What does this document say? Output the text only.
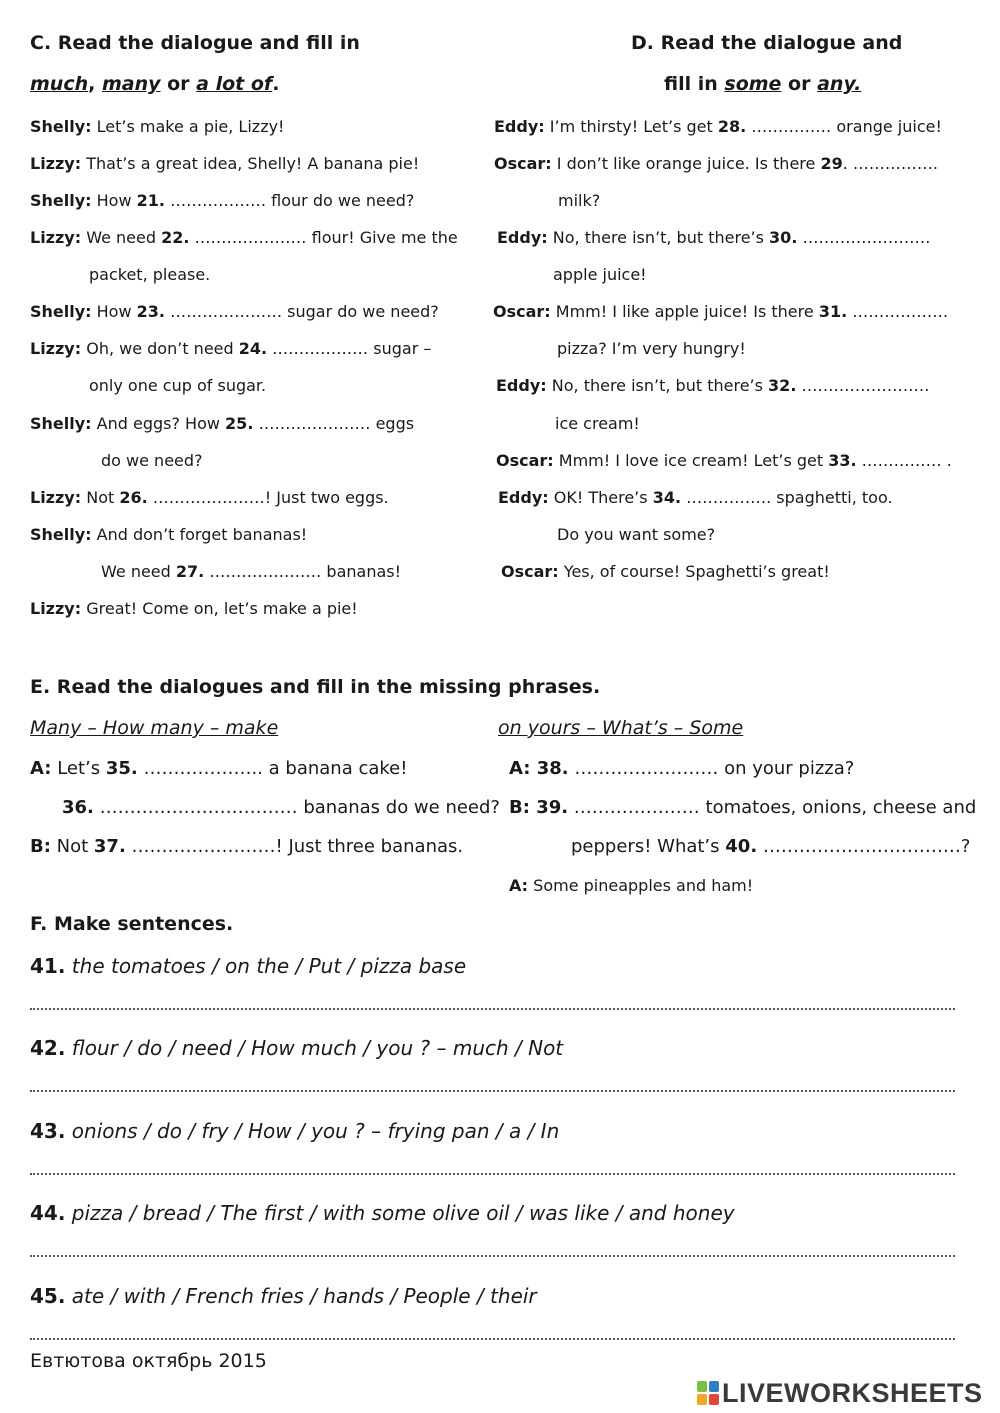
C. Read the dialogue and fill in
much, many or a lot of.
Shelly: Let’s make a pie, Lizzy!
Lizzy: That’s a great idea, Shelly! A banana pie!
Shelly: How 21. ……………… flour do we need?
Lizzy: We need 22. ………………… flour! Give me the
packet, please.
Shelly: How 23. ………………… sugar do we need?
Lizzy: Oh, we don’t need 24. ……………… sugar –
only one cup of sugar.
Shelly: And eggs? How 25. ………………… eggs
do we need?
Lizzy: Not 26. …………………! Just two eggs.
Shelly: And don’t forget bananas!
We need 27. ………………… bananas!
Lizzy: Great! Come on, let’s make a pie!
D. Read the dialogue and
fill in some or any.
Eddy: I’m thirsty! Let’s get 28. …………… orange juice!
Oscar: I don’t like orange juice. Is there 29. …………….
milk?
Eddy: No, there isn’t, but there’s 30. ……………………
apple juice!
Oscar: Mmm! I like apple juice! Is there 31. ………………
pizza? I’m very hungry!
Eddy: No, there isn’t, but there’s 32. ……………………
ice cream!
Oscar: Mmm! I love ice cream! Let’s get 33. …………… .
Eddy: OK! There’s 34. ……………. spaghetti, too.
Do you want some?
Oscar: Yes, of course! Spaghetti’s great!
E. Read the dialogues and fill in the missing phrases.
Many – How many – make	on yours – What’s – Some
A: Let’s 35. ……………….. a banana cake!
36. …………………………… bananas do we need?
B: Not 37. ……………………! Just three bananas.
A: 38. …………………… on your pizza?
B: 39. ………………… tomatoes, onions, cheese and
peppers! What’s 40. ……………………………?
A: Some pineapples and ham!
F. Make sentences.
41. the tomatoes / on the / Put / pizza base
42. flour / do / need / How much / you ? – much / Not
43. onions / do / fry / How / you ? – frying pan / a / In
44. pizza / bread / The first / with some olive oil / was like / and honey
45. ate / with / French fries / hands / People / their
Евтютова октябрь 2015
LIVEWORKSHEETS
